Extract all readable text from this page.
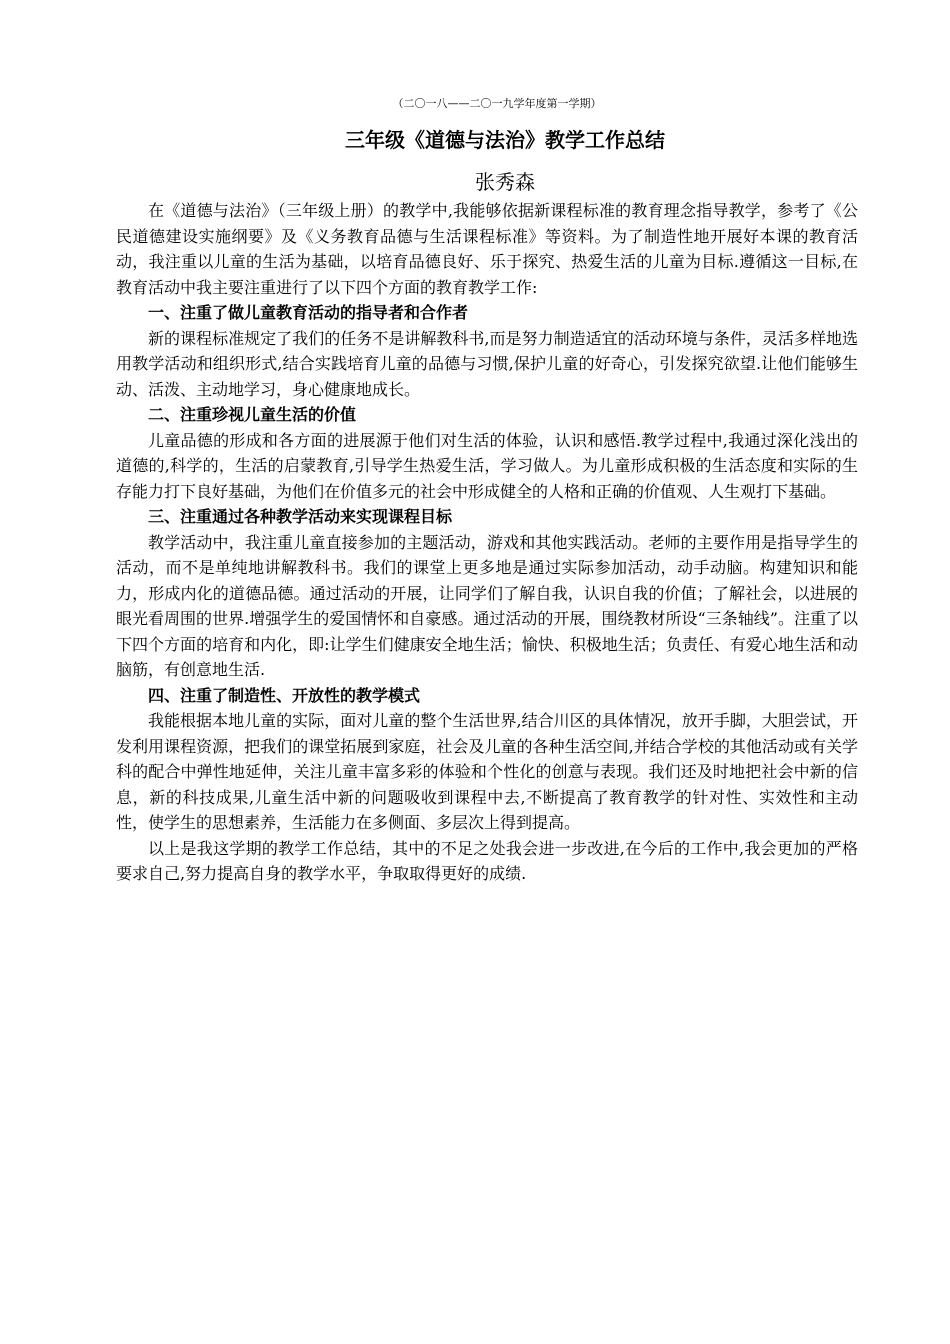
（二〇一八——二〇一九学年度第一学期）

三年级《道德与法治》教学工作总结

张秀森

在《道德与法治》（三年级上册）的教学中,我能够依据新课程标准的教育理念指导教学，参考了《公民道德建设实施纲要》及《义务教育品德与生活课程标准》等资料。为了制造性地开展好本课的教育活动，我注重以儿童的生活为基础，以培育品德良好、乐于探究、热爱生活的儿童为目标.遵循这一目标,在教育活动中我主要注重进行了以下四个方面的教育教学工作:

一、注重了做儿童教育活动的指导者和合作者

新的课程标准规定了我们的任务不是讲解教科书,而是努力制造适宜的活动环境与条件，灵活多样地选用教学活动和组织形式,结合实践培育儿童的品德与习惯,保护儿童的好奇心，引发探究欲望.让他们能够生动、活泼、主动地学习，身心健康地成长。

二、注重珍视儿童生活的价值

儿童品德的形成和各方面的进展源于他们对生活的体验，认识和感悟.教学过程中,我通过深化浅出的道德的,科学的，生活的启蒙教育,引导学生热爱生活，学习做人。为儿童形成积极的生活态度和实际的生存能力打下良好基础，为他们在价值多元的社会中形成健全的人格和正确的价值观、人生观打下基础。

三、注重通过各种教学活动来实现课程目标

教学活动中，我注重儿童直接参加的主题活动，游戏和其他实践活动。老师的主要作用是指导学生的活动，而不是单纯地讲解教科书。我们的课堂上更多地是通过实际参加活动，动手动脑。构建知识和能力，形成内化的道德品德。通过活动的开展，让同学们了解自我，认识自我的价值；了解社会，以进展的眼光看周围的世界.增强学生的爱国情怀和自豪感。通过活动的开展，围绕教材所设“三条轴线”。注重了以下四个方面的培育和内化，即:让学生们健康安全地生活；愉快、积极地生活；负责任、有爱心地生活和动脑筋，有创意地生活.

四、注重了制造性、开放性的教学模式

我能根据本地儿童的实际，面对儿童的整个生活世界,结合川区的具体情况，放开手脚，大胆尝试，开发利用课程资源，把我们的课堂拓展到家庭，社会及儿童的各种生活空间,并结合学校的其他活动或有关学科的配合中弹性地延伸，关注儿童丰富多彩的体验和个性化的创意与表现。我们还及时地把社会中新的信息，新的科技成果,儿童生活中新的问题吸收到课程中去,不断提高了教育教学的针对性、实效性和主动性，使学生的思想素养，生活能力在多侧面、多层次上得到提高。

以上是我这学期的教学工作总结，其中的不足之处我会进一步改进,在今后的工作中,我会更加的严格要求自己,努力提高自身的教学水平，争取取得更好的成绩.
